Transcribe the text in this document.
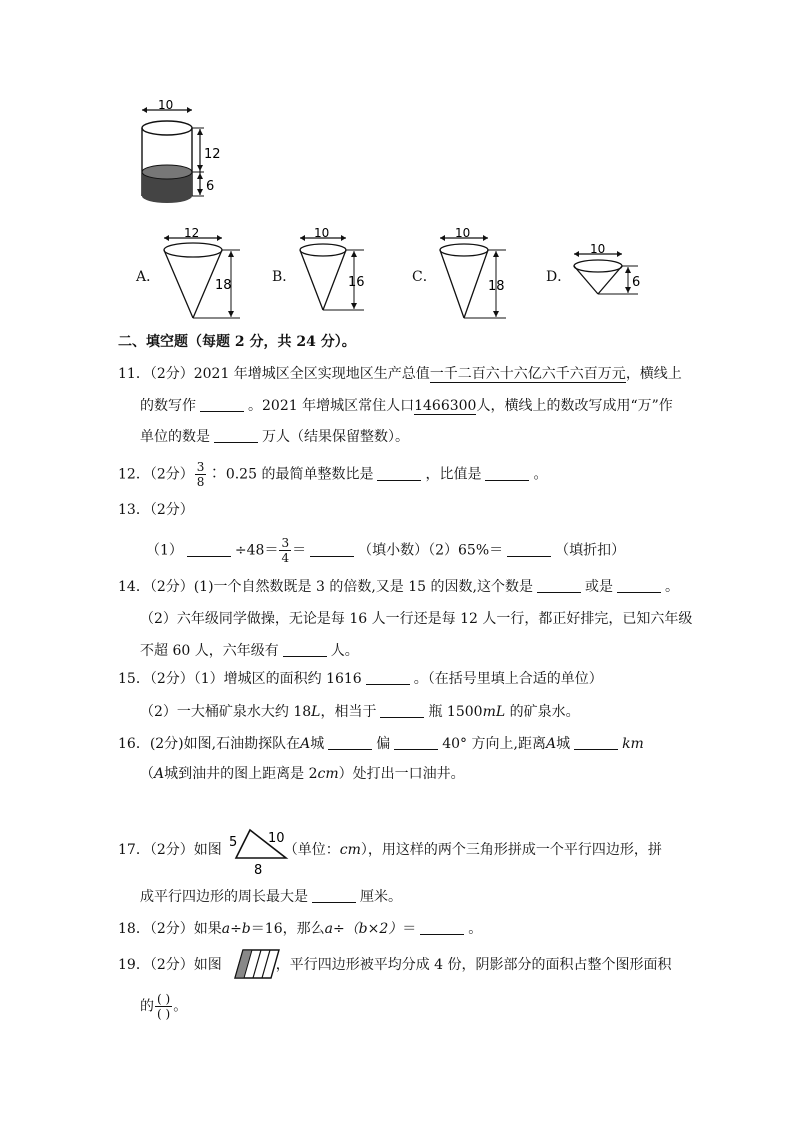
10
12
6
A．
12
18
B．
10
16	C．
10
18
D．
10
6
二、填空题（每题 2 分，共 24 分）。
11．（2分）2021 年增城区全区实现地区生产总值一千二百六十六亿六千六百万元，横线上
的数写作	。2021 年增城区常住人口1466300人，横线上的数改写成用“万”作
单位的数是	万人（结果保留整数）。
12．（2分） $\frac{3}{8}$ ∶ 0.25 的最简单整数比是	，比值是	。
13．（2分）
（1）	$\div 48= \frac{3}{4}$ ＝	（填小数）（2）65%＝	（填折扣）
14．（2分）(1)一个自然数既是 3 的倍数,又是 15 的因数,这个数是	或是	。
（2）六年级同学做操，无论是每 16 人一行还是每 12 人一行，都正好排完，已知六年级
不超 60 人，六年级有	人。
15．（2分）（1）增城区的面积约 1616	。（在括号里填上合适的单位）
（2）一大桶矿泉水大约 18L，相当于	瓶 1500mL 的矿泉水。
16．(2分)如图,石油勘探队在A城	偏	40° 方向上,距离A城	km
（A城到油井的图上距离是 2cm）处打出一口油井。
17．（2分）如图	（单位：cm），用这样的两个三角形拼成一个平行四边形，拼
5 10
8
成平行四边形的周长最大是	厘米。
18．（2分）如果a÷b＝16，那么a÷（b×2）＝	。
19．（2分）如图	，平行四边形被平均分成 4 份，阴影部分的面积占整个图形面积
的 $\frac{( )}{( )}$ 。
